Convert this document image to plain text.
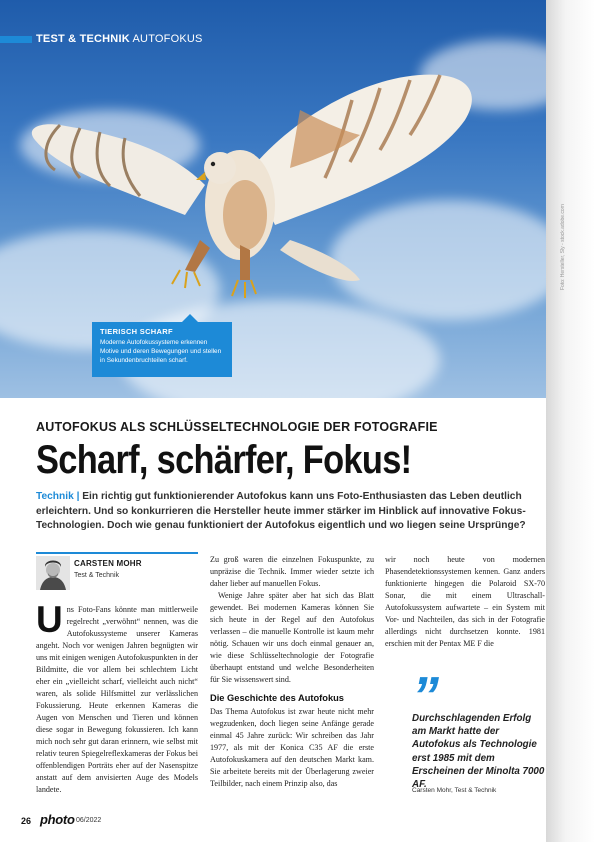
TEST & TECHNIK AUTOFOKUS
TIERISCH SCHARF
Moderne Autofokussysteme erkennen Motive und deren Bewegungen und stellen in Sekundenbruchteilen scharf.
Foto: Hersteller, Sly - stock.adobe.com
AUTOFOKUS ALS SCHLÜSSELTECHNOLOGIE DER FOTOGRAFIE
Scharf, schärfer, Fokus!
Technik | Ein richtig gut funktionierender Autofokus kann uns Foto-Enthusiasten das Leben deutlich erleichtern. Und so konkurrieren die Hersteller heute immer stärker im Hinblick auf innovative Fokus-Technologien. Doch wie genau funktioniert der Autofokus eigentlich und wo liegen seine Ursprünge?
CARSTEN MOHR
Test & Technik
U ns Foto-Fans könnte man mittlerweile regelrecht „verwöhnt“ nennen, was die Autofokussysteme unserer Kameras angeht. Noch vor wenigen Jahren begnügten wir uns mit einigen wenigen Autofokuspunkten in der Bildmitte, die vor allem bei schlechtem Licht eher ein „vielleicht scharf, vielleicht auch nicht“ waren, als solide Hilfsmittel zur verlässlichen Fokussierung. Heute erkennen Kameras die Augen von Menschen und Tieren und können diese sogar in Bewegung fokussieren. Ich kann mich noch sehr gut daran erinnern, wie selbst mit relativ teuren Spiegelreflexkameras der Fokus bei offenblendigen Porträts eher auf der Nasenspitze anstatt auf dem anvisierten Auge des Models landete.

Zu groß waren die einzelnen Fokuspunkte, zu unpräzise die Technik. Immer wieder setzte ich daher lieber auf manuellen Fokus.

Wenige Jahre später aber hat sich das Blatt gewendet. Bei modernen Kameras können Sie sich heute in der Regel auf den Autofokus verlassen – die manuelle Kontrolle ist kaum mehr nötig. Schauen wir uns doch einmal genauer an, wie diese Schlüsseltechnologie der Fotografie überhaupt entstand und welche Besonderheiten für Sie wissenswert sind.

Die Geschichte des Autofokus

Das Thema Autofokus ist zwar heute nicht mehr wegzudenken, doch liegen seine Anfänge gerade einmal 45 Jahre zurück: Wir schreiben das Jahr 1977, als mit der Konica C35 AF die erste Autofokuskamera auf den deutschen Markt kam. Sie arbeitete bereits mit der Überlagerung zweier Teilbilder, nach einem Prinzip also, das

wir noch heute von modernen Phasendetektionssystemen kennen. Ganz anders funktionierte hingegen die Polaroid SX-70 Sonar, die mit einem Ultraschall-Autofokussystem aufwartete – ein System mit Vor- und Nachteilen, das sich in der Fotografie allerdings nicht durchsetzen konnte. 1981 erschien mit der Pentax ME F die

”
Durchschlagenden Erfolg am Markt hatte der Autofokus als Technologie erst 1985 mit dem Erscheinen der Minolta 7000 AF.
Carsten Mohr, Test & Technik
26 photo 06/2022
